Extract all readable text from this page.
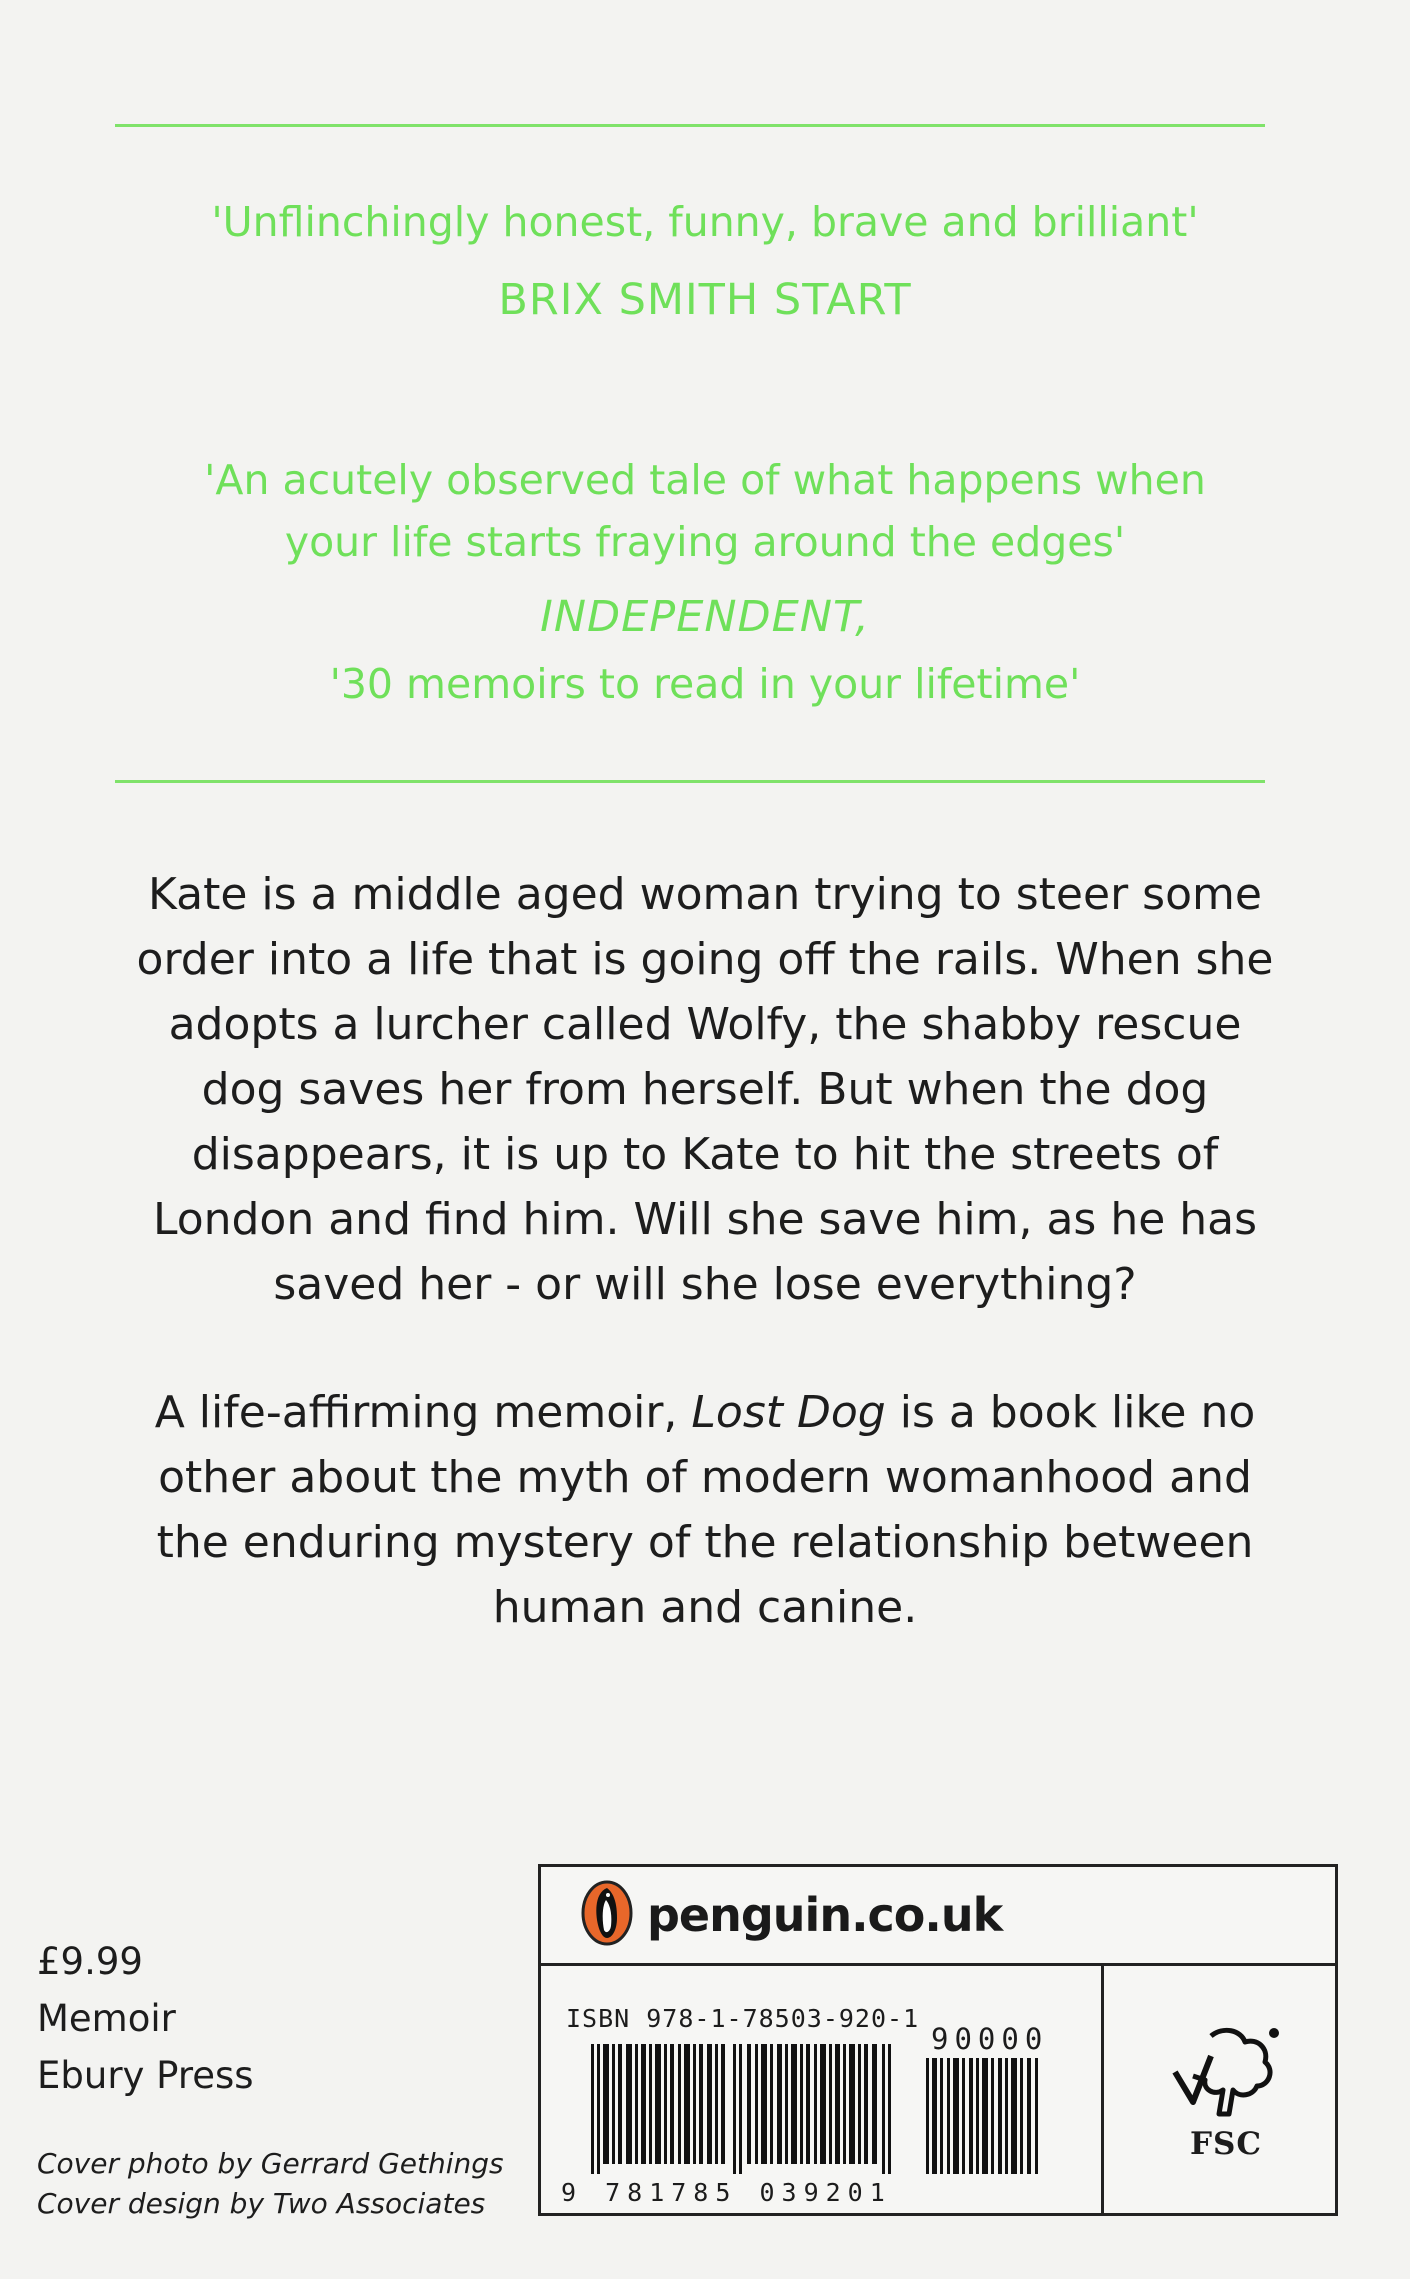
'Unflinchingly honest, funny, brave and brilliant'
BRIX SMITH START
'An acutely observed tale of what happens when
your life starts fraying around the edges'
INDEPENDENT,
'30 memoirs to read in your lifetime'
Kate is a middle aged woman trying to steer some
order into a life that is going off the rails. When she
adopts a lurcher called Wolfy, the shabby rescue
dog saves her from herself. But when the dog
disappears, it is up to Kate to hit the streets of
London and find him. Will she save him, as he has
saved her - or will she lose everything?
A life-affirming memoir, Lost Dog is a book like no
other about the myth of modern womanhood and
the enduring mystery of the relationship between
human and canine.
£9.99
Memoir
Ebury Press
Cover photo by Gerrard Gethings
Cover design by Two Associates
penguin.co.uk
ISBN 978-1-78503-920-1
90000
9 781785 039201
FSC
